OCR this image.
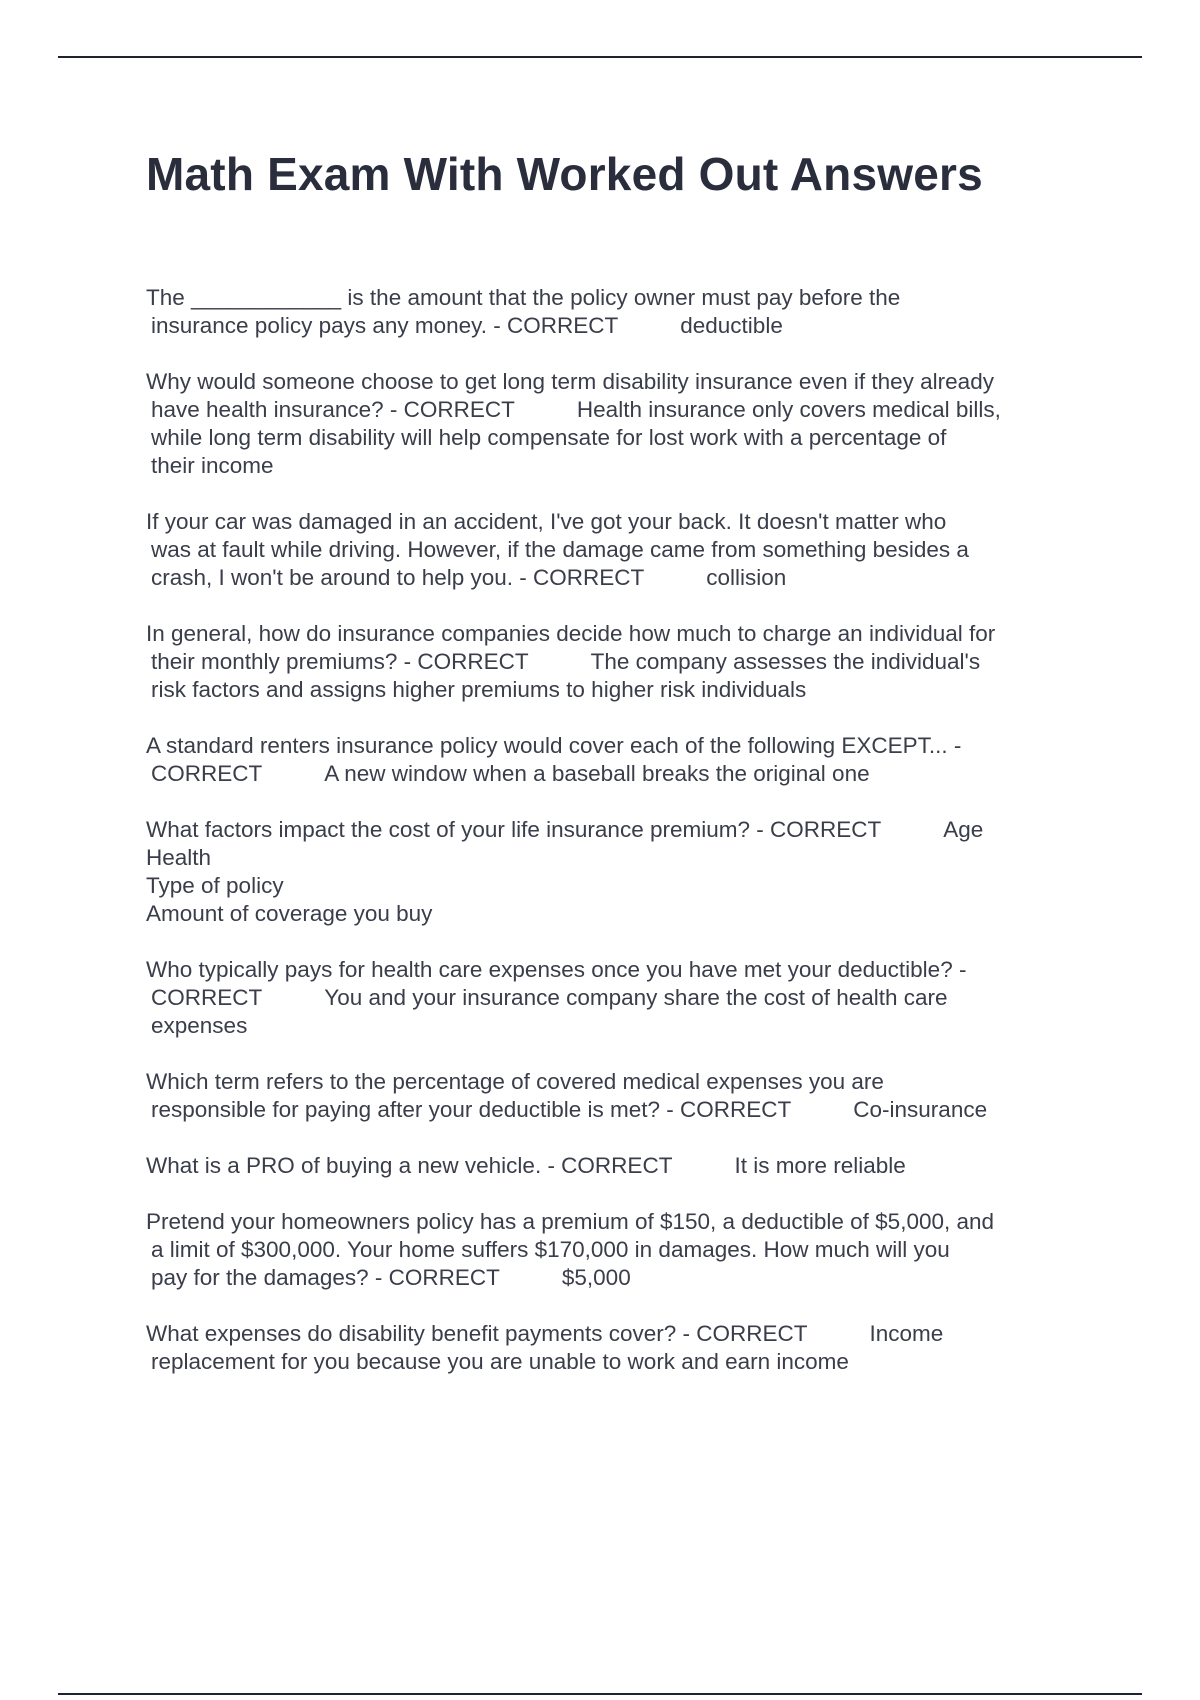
Math Exam With Worked Out Answers

The ____________ is the amount that the policy owner must pay before the
insurance policy pays any money. - CORRECT	deductible

Why would someone choose to get long term disability insurance even if they already
have health insurance? - CORRECT	Health insurance only covers medical bills,
while long term disability will help compensate for lost work with a percentage of
their income

If your car was damaged in an accident, I've got your back. It doesn't matter who
was at fault while driving. However, if the damage came from something besides a
crash, I won't be around to help you. - CORRECT	collision

In general, how do insurance companies decide how much to charge an individual for
their monthly premiums? - CORRECT	The company assesses the individual's
risk factors and assigns higher premiums to higher risk individuals

A standard renters insurance policy would cover each of the following EXCEPT... -
CORRECT	A new window when a baseball breaks the original one

What factors impact the cost of your life insurance premium? - CORRECT	Age
Health
Type of policy
Amount of coverage you buy

Who typically pays for health care expenses once you have met your deductible? -
CORRECT	You and your insurance company share the cost of health care
expenses

Which term refers to the percentage of covered medical expenses you are
responsible for paying after your deductible is met? - CORRECT	Co-insurance

What is a PRO of buying a new vehicle. - CORRECT	It is more reliable

Pretend your homeowners policy has a premium of $150, a deductible of $5,000, and
a limit of $300,000. Your home suffers $170,000 in damages. How much will you
pay for the damages? - CORRECT	$5,000

What expenses do disability benefit payments cover? - CORRECT	Income
replacement for you because you are unable to work and earn income
